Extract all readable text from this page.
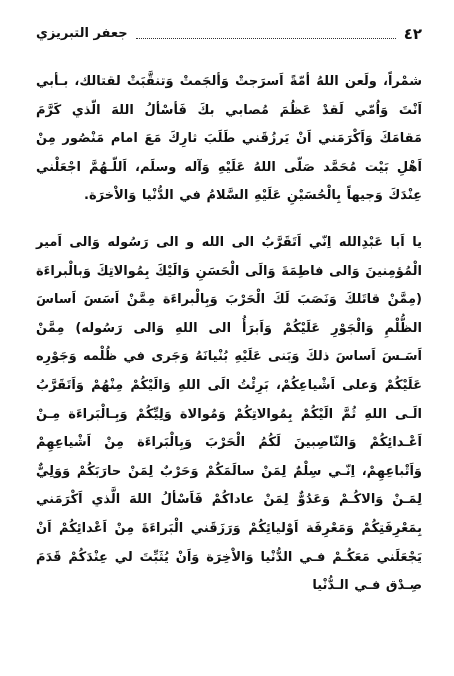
جعفر التبريزي	٤٢

شمْراً، ولَعن اللهُ أمّةً اَسرَجتْ وَألجَمتْ وَتنقَّبَتْ لقتالك، بـأبي اَنْتَ وَاُمّي لَقدْ عَظُمَ مُصابي بكَ فَأسْألُ اللهَ الّذي كَرَّمَ مَقامَكَ وَاَكْرَمَني اَنْ يَرزُقَني طَلَبَ ثارِكَ مَعَ امام مَنْصُور مِنْ اَهْلِ بَيْت مُحَمَّد صَلّى اللهُ عَلَيْهِ وَآله وسلَم، اَللّـهُمَّ اجْعَلْني عِنْدَكَ وَجيهاً بِالْحُسَيْنِ عَلَيْهِ السَّلامُ في الدُّنْيا وَالاْخرَة.

يا اَبا عَبْدِالله اِنّي اَتَقَرَّبُ الى الله و الى رَسُوله وَالى اَمير الْمُؤمِنينَ وَالى فاطِمَةَ وَالَى الْحَسَنِ وَالَيْكَ بِمُوالاتِكَ وَبالْبراءَة (مِمَّنْ قاتَلكَ وَنَصَبَ لَكَ الْحَرْبَ وَبِالْبراءَة مِمَّنْ اَسَسَ اَساسَ الظُّلْمِ وَالْجَوْرِ عَلَيْكُمْ وَاَبرَأُ الى اللهِ وَالى رَسُوله) مِمَّنْ اَسَـسَ اَساسَ ذلكَ وَبَنى عَلَيْهِ بُنْيانَهُ وَجَرى في ظُلْمه وَجَوْرِه عَلَيْكُمْ وَعلى اَشْياعِكُمْ، بَرِئْتُ الَى اللهِ وَالَيْكُمْ مِنْهُمْ وَاَتَقَرَّبُ الَـى اللهِ ثُمَّ الَيْكُمْ بِمُوالاتِكُمْ وَمُوالاة وَلِيِّكُمْ وَبِـالْبَراءَة مِـنْ اَعْـدائِكُمْ وَالنّاصِبينَ لَكُمُ الْحَرْبَ وَبِالْبَراءَة مِنْ اَشْياعِهِمْ وَاَتْباعِهِمْ، اِنّـي سِلْمٌ لِمَنْ سالَمَكُمْ وَحَرْبٌ لِمَنْ حارَبَكُمْ وَوَلِيٌّ لِمَـنْ وَالاكُـمْ وَعَدُوٌّ لِمَنْ عاداكُمْ فَاَسْألُ اللهَ الَّذي اَكْرَمَني بِمَعْرِفَتِكُمْ وَمَعْرِفَة اَوْليائِكُمْ وَرَزَقَني الْبَراءَةَ مِنْ اَعْدائِكُمْ اَنْ يَجْعَلَني مَعَكُـمْ فـي الدُّنْيا وَالاْخِرَة وَاَنْ يُثَبِّتَ لي عِنْدَكُمْ قَدَمَ صِـدْق فـي الـدُّنْيا
